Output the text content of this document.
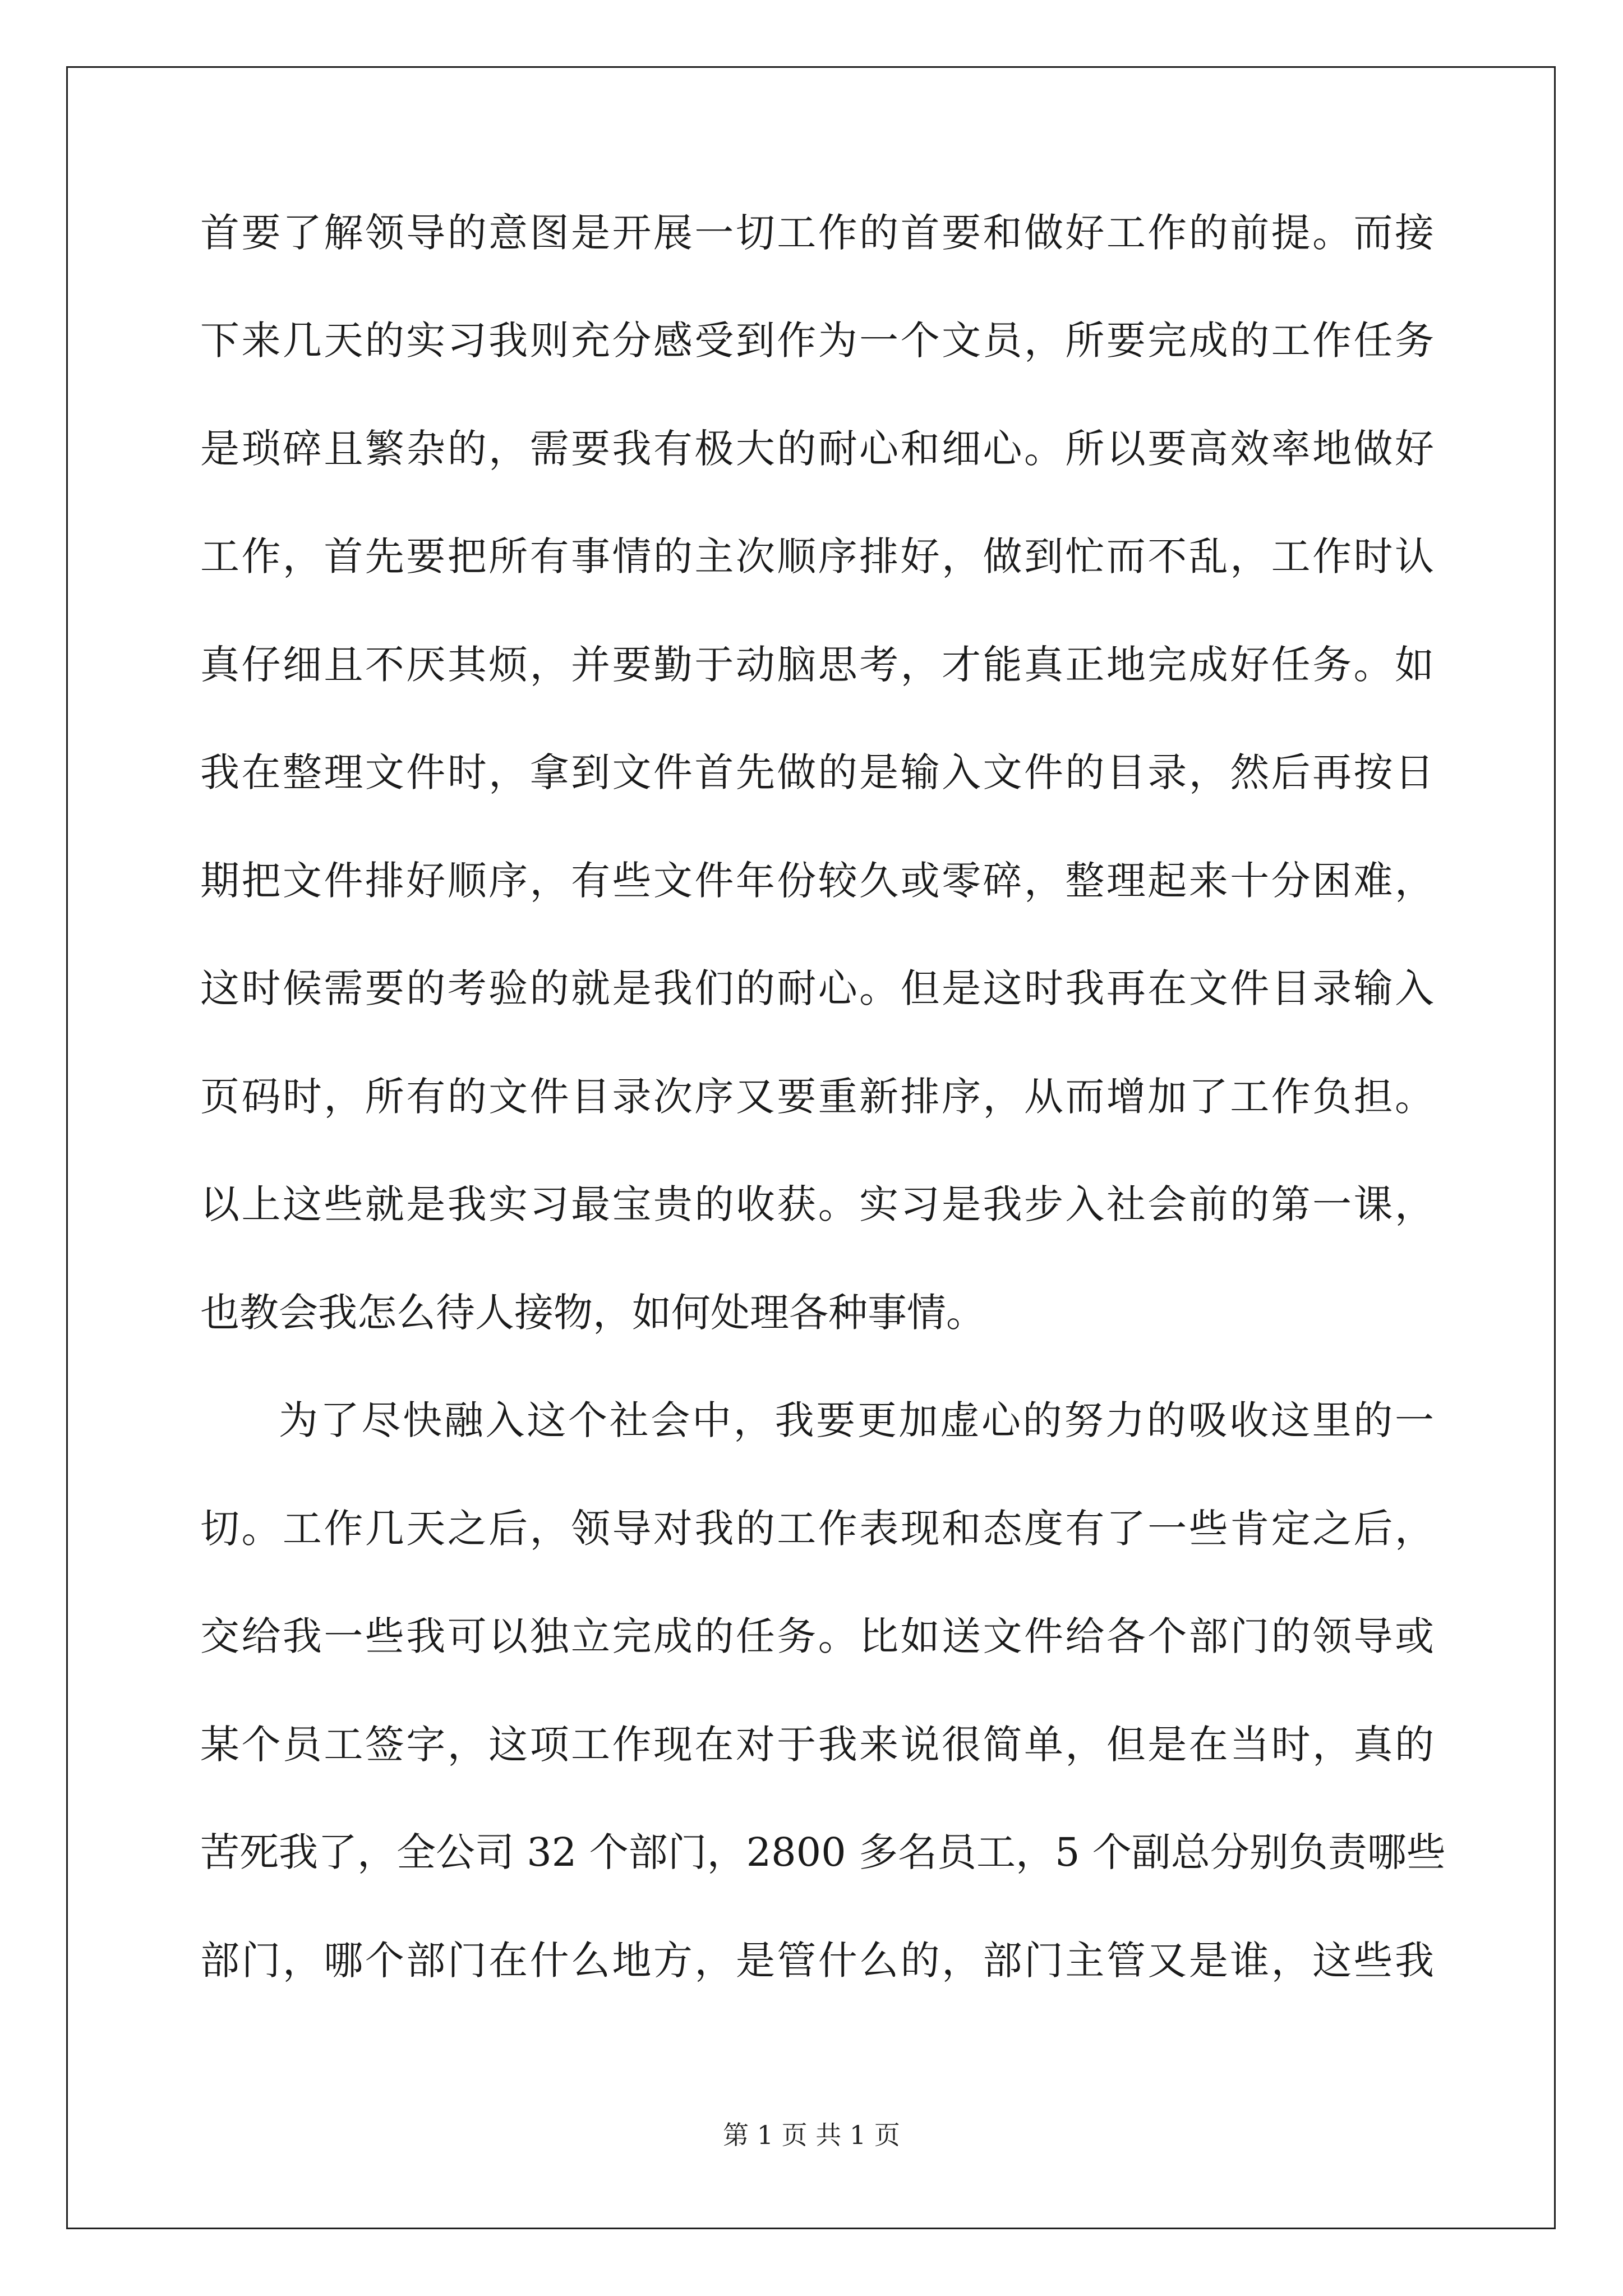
首要了解领导的意图是开展一切工作的首要和做好工作的前提。而接
下来几天的实习我则充分感受到作为一个文员，所要完成的工作任务
是琐碎且繁杂的，需要我有极大的耐心和细心。所以要高效率地做好
工作，首先要把所有事情的主次顺序排好，做到忙而不乱，工作时认
真仔细且不厌其烦，并要勤于动脑思考，才能真正地完成好任务。如
我在整理文件时，拿到文件首先做的是输入文件的目录，然后再按日
期把文件排好顺序，有些文件年份较久或零碎，整理起来十分困难，
这时候需要的考验的就是我们的耐心。但是这时我再在文件目录输入
页码时，所有的文件目录次序又要重新排序，从而增加了工作负担。
以上这些就是我实习最宝贵的收获。实习是我步入社会前的第一课，
也教会我怎么待人接物，如何处理各种事情。
为了尽快融入这个社会中，我要更加虚心的努力的吸收这里的一
切。工作几天之后，领导对我的工作表现和态度有了一些肯定之后，
交给我一些我可以独立完成的任务。比如送文件给各个部门的领导或
某个员工签字，这项工作现在对于我来说很简单，但是在当时，真的
苦死我了，全公司 32 个部门，2800 多名员工，5 个副总分别负责哪些
部门，哪个部门在什么地方，是管什么的，部门主管又是谁，这些我
第 1 页 共 1 页
